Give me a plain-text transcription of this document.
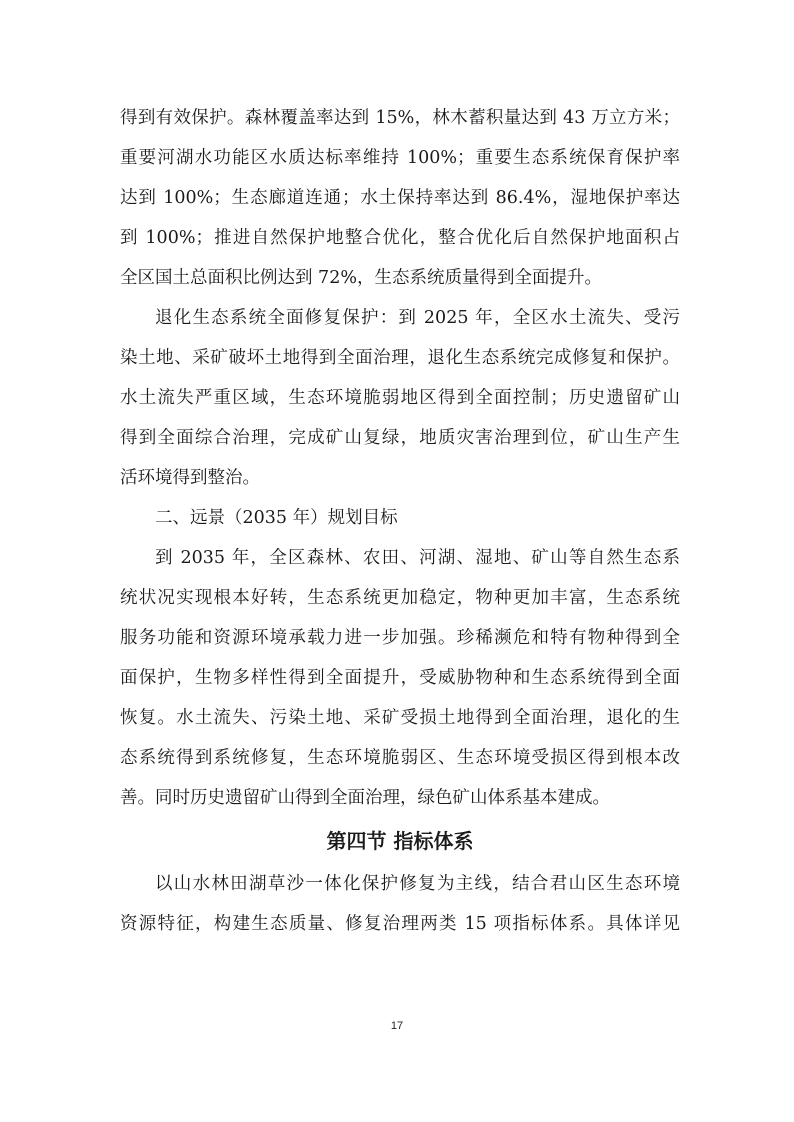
得到有效保护。森林覆盖率达到 15%，林木蓄积量达到 43 万立方米；
重要河湖水功能区水质达标率维持 100%；重要生态系统保育保护率
达到 100%；生态廊道连通；水土保持率达到 86.4%，湿地保护率达
到 100%；推进自然保护地整合优化，整合优化后自然保护地面积占
全区国土总面积比例达到 72%，生态系统质量得到全面提升。
退化生态系统全面修复保护：到 2025 年，全区水土流失、受污
染土地、采矿破坏土地得到全面治理，退化生态系统完成修复和保护。
水土流失严重区域，生态环境脆弱地区得到全面控制；历史遗留矿山
得到全面综合治理，完成矿山复绿，地质灾害治理到位，矿山生产生
活环境得到整治。
二、远景（2035 年）规划目标
到 2035 年，全区森林、农田、河湖、湿地、矿山等自然生态系
统状况实现根本好转，生态系统更加稳定，物种更加丰富，生态系统
服务功能和资源环境承载力进一步加强。珍稀濒危和特有物种得到全
面保护，生物多样性得到全面提升，受威胁物种和生态系统得到全面
恢复。水土流失、污染土地、采矿受损土地得到全面治理，退化的生
态系统得到系统修复，生态环境脆弱区、生态环境受损区得到根本改
善。同时历史遗留矿山得到全面治理，绿色矿山体系基本建成。
第四节 指标体系
以山水林田湖草沙一体化保护修复为主线，结合君山区生态环境
资源特征，构建生态质量、修复治理两类 15 项指标体系。具体详见
17
